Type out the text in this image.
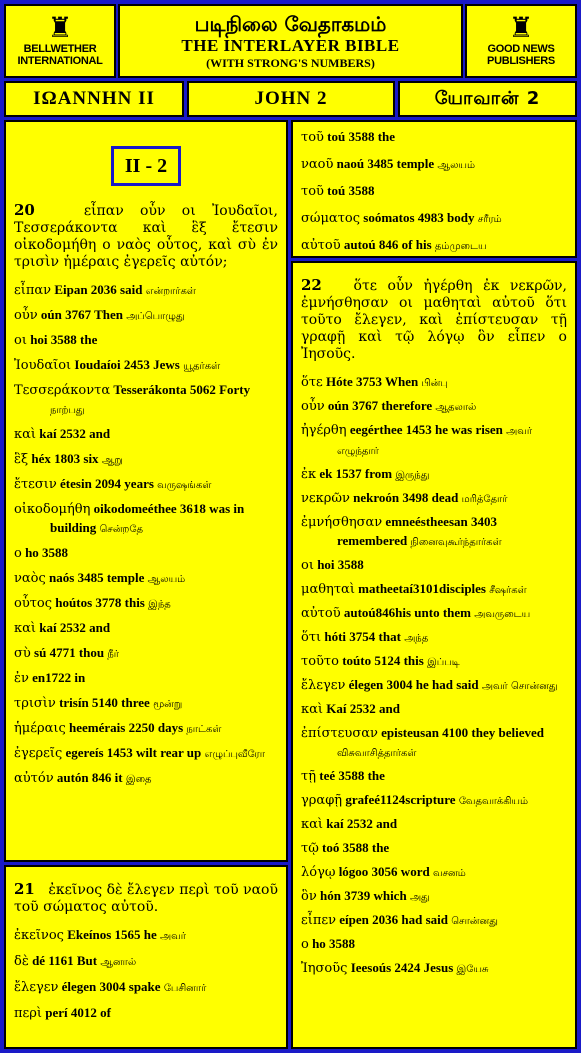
♜
BELLWETHER
INTERNATIONAL
படிநிலை வேதாகமம்
THE INTERLAYER BIBLE
(WITH STRONG'S NUMBERS)
♜
GOOD NEWS
PUBLISHERS
ΙΩΑΝΝΗΝ II	JOHN 2	யோவான் 2
II - 2
20	εἶπαν οὖν οι Ἰουδαῖοι, Τεσσεράκοντα καὶ ἓξ ἔτεσιν οἰκοδομήθη ο ναὸς οὗτος, καὶ σὺ ἐν τρισὶν ἡμέραις ἐγερεῖς αὐτόν;
εἶπαν Eipan 2036 said என்றார்கள்
οὖν oún 3767 Then அப்பொழுது
οι hoi 3588 the
Ἰουδαῖοι Ioudaíoi 2453 Jews யூதர்கள்
Τεσσεράκοντα Tesserákonta 5062 Forty நாற்பது
καὶ kaí 2532 and
ἓξ héx 1803 six ஆறு
ἔτεσιν étesin 2094 years வருஷங்கள்
οἰκοδομήθη oikodomeéthee 3618 was in building சென்றதே
ο ho 3588
ναὸς naós 3485 temple ஆலயம்
οὗτος hoútos 3778 this இந்த
καὶ kaí 2532 and
σὺ sú 4771 thou நீர்
ἐν en1722 in
τρισὶν trisín 5140 three மூன்று
ἡμέραις heemérais 2250 days நாட்கள்
ἐγερεῖς egereís 1453 wilt rear up எழுப்புவீரோ
αὐτόν autón 846 it இதை
21 ἐκεῖνος δὲ ἔλεγεν περὶ τοῦ ναοῦ τοῦ σώματος αὐτοῦ.
ἐκεῖνος Ekeínos 1565 he அவர்
δὲ dé 1161 But ஆனால்
ἔλεγεν élegen 3004 spake பேசினார்
περὶ perí 4012 of
τοῦ toú 3588 the
ναοῦ naoú 3485 temple ஆலயம்
τοῦ toú 3588
σώματος soómatos 4983 body சரீரம்
αὐτοῦ autoú 846 of his தம்முடைய
22 ὅτε οὖν ἠγέρθη ἐκ νεκρῶν, ἐμνήσθησαν οι μαθηταὶ αὐτοῦ ὅτι τοῦτο ἔλεγεν, καὶ ἐπίστευσαν τῇ γραφῇ καὶ τῷ λόγῳ ὃν εἶπεν ο Ἰησοῦς.
ὅτε Hóte 3753 When பின்பு
οὖν oún 3767 therefore ஆதலால்
ἠγέρθη eegérthee 1453 he was risen அவர் எழுந்தார்
ἐκ ek 1537 from இருந்து
νεκρῶν nekroón 3498 dead மரித்தோர்
ἐμνήσθησαν emneéstheesan 3403 remembered நினைவுகூர்ந்தார்கள்
οι hoi 3588
μαθηταὶ matheetaí3101disciples சீஷர்கள்
αὐτοῦ autoú846his unto them அவருடைய
ὅτι hóti 3754 that அந்த
τοῦτο toúto 5124 this இப்படி
ἔλεγεν élegen 3004 he had said அவர் சொன்னது
καὶ Kaí 2532 and
ἐπίστευσαν episteusan 4100 they believed விசுவாசித்தார்கள்
τῇ teé 3588 the
γραφῇ grafeé1124scripture வேதவாக்கியம்
καὶ kaí 2532 and
τῷ toó 3588 the
λόγῳ lógoo 3056 word வசனம்
ὃν hón 3739 which அது
εἶπεν eípen 2036 had said சொன்னது
ο ho 3588
Ἰησοῦς Ieesoús 2424 Jesus இயேசு
